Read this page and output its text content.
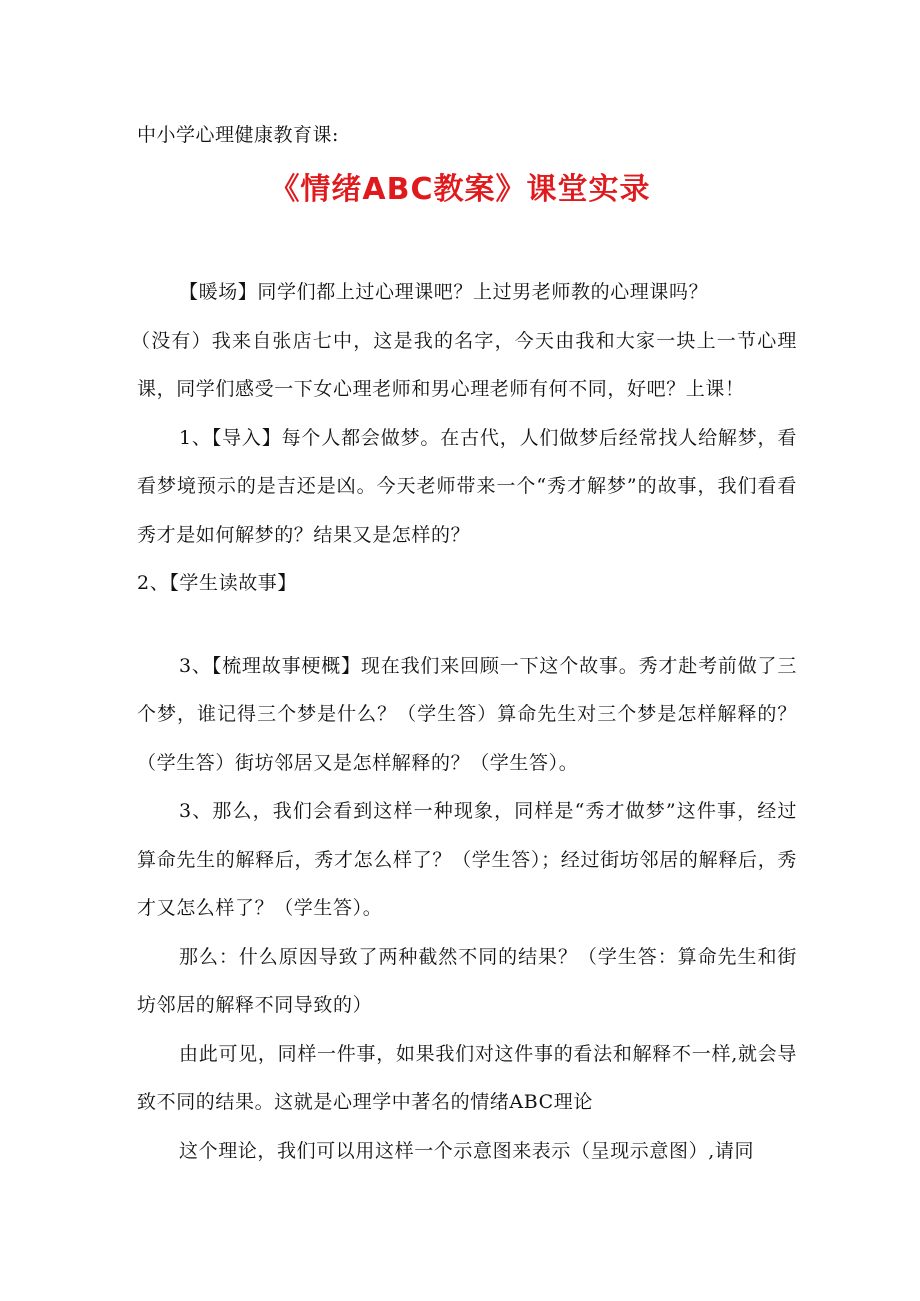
中小学心理健康教育课:
《情绪ABC教案》课堂实录

【暖场】同学们都上过心理课吧？上过男老师教的心理课吗？

（没有）我来自张店七中，这是我的名字，今天由我和大家一块上一节心理课，同学们感受一下女心理老师和男心理老师有何不同，好吧？上课！

1、【导入】每个人都会做梦。在古代，人们做梦后经常找人给解梦，看看梦境预示的是吉还是凶。今天老师带来一个“秀才解梦”的故事，我们看看秀才是如何解梦的？结果又是怎样的？

2、【学生读故事】

3、【梳理故事梗概】现在我们来回顾一下这个故事。秀才赴考前做了三个梦，谁记得三个梦是什么？（学生答）算命先生对三个梦是怎样解释的？（学生答）街坊邻居又是怎样解释的？（学生答）。

3、那么，我们会看到这样一种现象，同样是“秀才做梦”这件事，经过算命先生的解释后，秀才怎么样了？（学生答）；经过街坊邻居的解释后，秀才又怎么样了？（学生答）。

那么：什么原因导致了两种截然不同的结果？（学生答：算命先生和街坊邻居的解释不同导致的）

由此可见，同样一件事，如果我们对这件事的看法和解释不一样,就会导致不同的结果。这就是心理学中著名的情绪ABC理论

这个理论，我们可以用这样一个示意图来表示（呈现示意图）,请同
